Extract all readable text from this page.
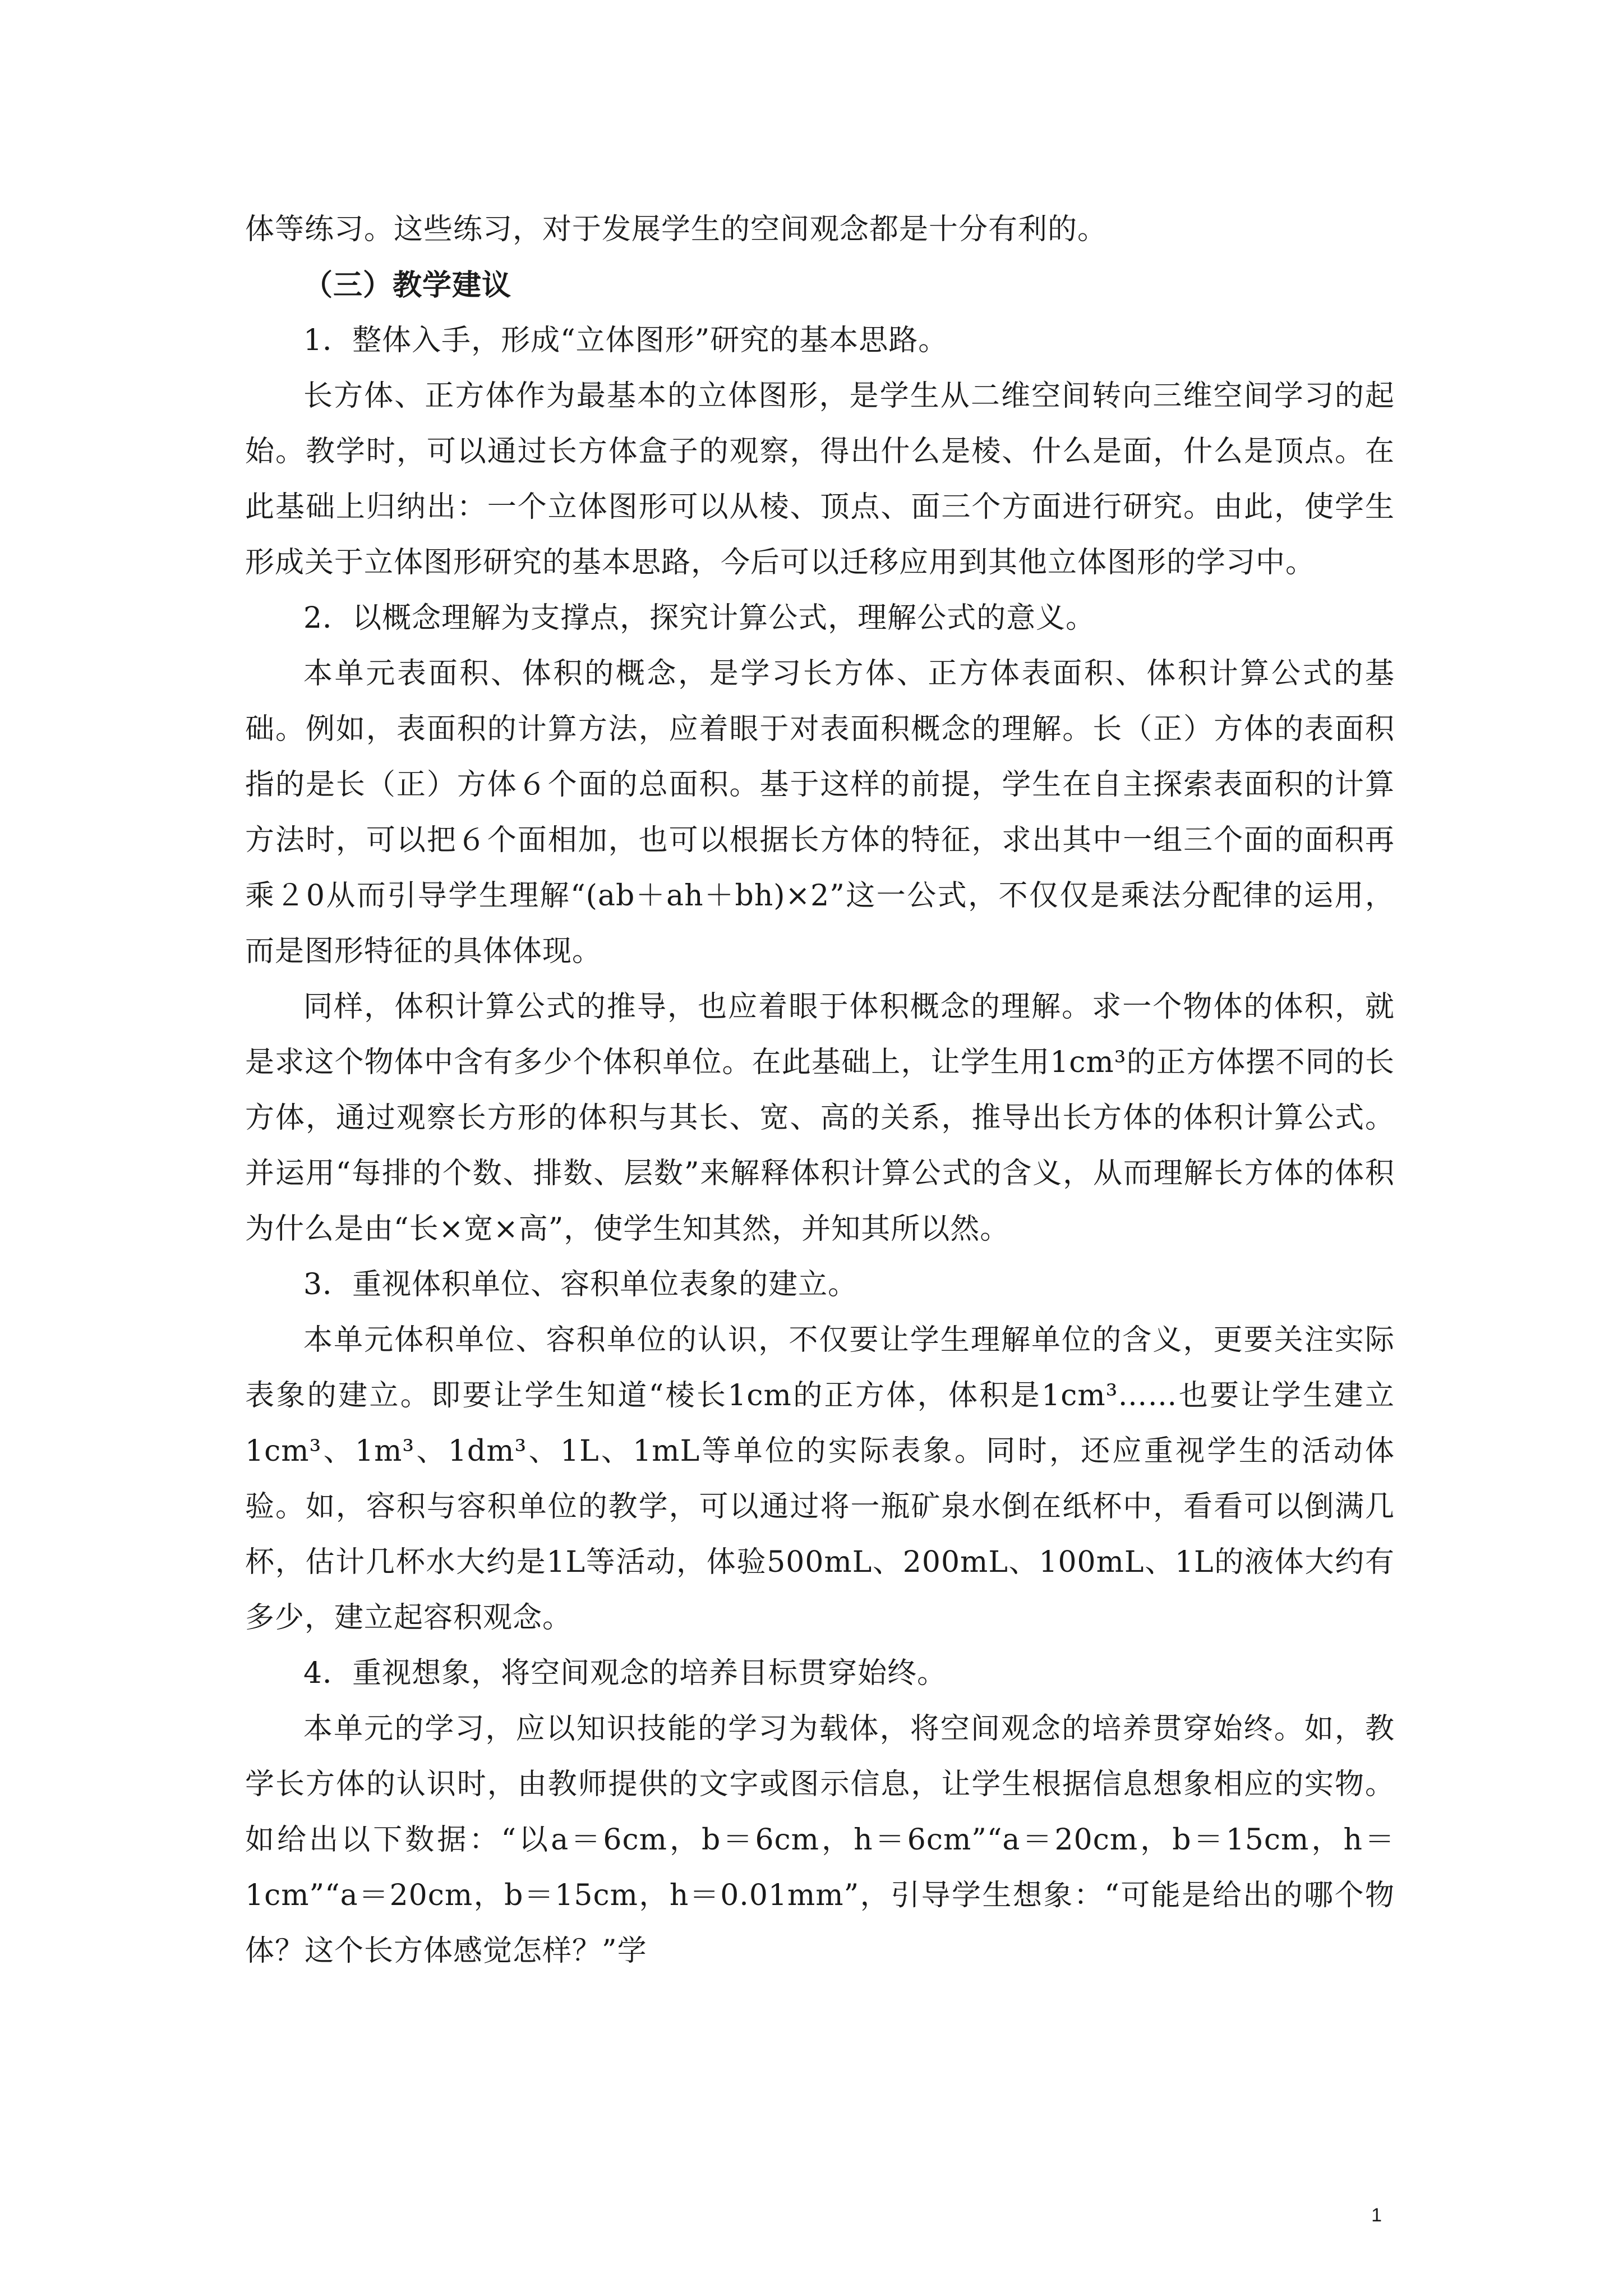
体等练习。这些练习，对于发展学生的空间观念都是十分有利的。

（三）教学建议

1．整体入手，形成“立体图形”研究的基本思路。

长方体、正方体作为最基本的立体图形，是学生从二维空间转向三维空间学习的起始。教学时，可以通过长方体盒子的观察，得出什么是棱、什么是面，什么是顶点。在此基础上归纳出：一个立体图形可以从棱、顶点、面三个方面进行研究。由此，使学生形成关于立体图形研究的基本思路，今后可以迁移应用到其他立体图形的学习中。

2．以概念理解为支撑点，探究计算公式，理解公式的意义。

本单元表面积、体积的概念，是学习长方体、正方体表面积、体积计算公式的基础。例如，表面积的计算方法，应着眼于对表面积概念的理解。长（正）方体的表面积指的是长（正）方体６个面的总面积。基于这样的前提，学生在自主探索表面积的计算方法时，可以把６个面相加，也可以根据长方体的特征，求出其中一组三个面的面积再乘２0从而引导学生理解“(ab＋ah＋bh)×2”这一公式，不仅仅是乘法分配律的运用，而是图形特征的具体体现。

同样，体积计算公式的推导，也应着眼于体积概念的理解。求一个物体的体积，就是求这个物体中含有多少个体积单位。在此基础上，让学生用1cm³的正方体摆不同的长方体，通过观察长方形的体积与其长、宽、高的关系，推导出长方体的体积计算公式。并运用“每排的个数、排数、层数”来解释体积计算公式的含义，从而理解长方体的体积为什么是由“长×宽×高”，使学生知其然，并知其所以然。

3．重视体积单位、容积单位表象的建立。

本单元体积单位、容积单位的认识，不仅要让学生理解单位的含义，更要关注实际表象的建立。即要让学生知道“棱长1cm的正方体，体积是1cm³……也要让学生建立1cm³、1m³、1dm³、1L、1mL等单位的实际表象。同时，还应重视学生的活动体验。如，容积与容积单位的教学，可以通过将一瓶矿泉水倒在纸杯中，看看可以倒满几杯，估计几杯水大约是1L等活动，体验500mL、200mL、100mL、1L的液体大约有多少，建立起容积观念。

4．重视想象，将空间观念的培养目标贯穿始终。

本单元的学习，应以知识技能的学习为载体，将空间观念的培养贯穿始终。如，教学长方体的认识时，由教师提供的文字或图示信息，让学生根据信息想象相应的实物。如给出以下数据：“以a＝6cm，b＝6cm，h＝6cm”“a＝20cm，b＝15cm，h＝1cm”“a＝20cm，b＝15cm，h＝0.01mm”，引导学生想象：“可能是给出的哪个物体？这个长方体感觉怎样？”学

1
